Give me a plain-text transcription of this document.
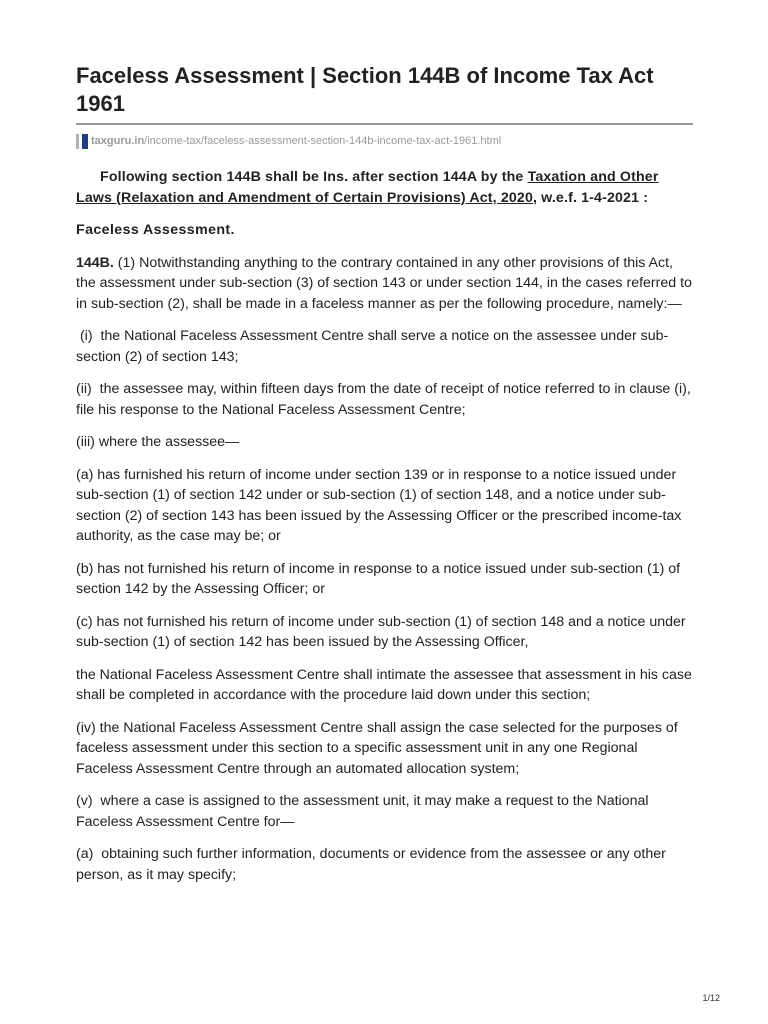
Faceless Assessment | Section 144B of Income Tax Act 1961
taxguru.in/income-tax/faceless-assessment-section-144b-income-tax-act-1961.html

Following section 144B shall be Ins. after section 144A by the Taxation and Other Laws (Relaxation and Amendment of Certain Provisions) Act, 2020, w.e.f. 1-4-2021 :

Faceless Assessment.

144B. (1) Notwithstanding anything to the contrary contained in any other provisions of this Act, the assessment under sub-section (3) of section 143 or under section 144, in the cases referred to in sub-section (2), shall be made in a faceless manner as per the following procedure, namely:—

(i)  the National Faceless Assessment Centre shall serve a notice on the assessee under sub-section (2) of section 143;

(ii)  the assessee may, within fifteen days from the date of receipt of notice referred to in clause (i), file his response to the National Faceless Assessment Centre;

(iii) where the assessee—

(a) has furnished his return of income under section 139 or in response to a notice issued under sub-section (1) of section 142 under or sub-section (1) of section 148, and a notice under sub-section (2) of section 143 has been issued by the Assessing Officer or the prescribed income-tax authority, as the case may be; or

(b) has not furnished his return of income in response to a notice issued under sub-section (1) of section 142 by the Assessing Officer; or

(c) has not furnished his return of income under sub-section (1) of section 148 and a notice under sub-section (1) of section 142 has been issued by the Assessing Officer,

the National Faceless Assessment Centre shall intimate the assessee that assessment in his case shall be completed in accordance with the procedure laid down under this section;

(iv) the National Faceless Assessment Centre shall assign the case selected for the purposes of faceless assessment under this section to a specific assessment unit in any one Regional Faceless Assessment Centre through an automated allocation system;

(v)  where a case is assigned to the assessment unit, it may make a request to the National Faceless Assessment Centre for—

(a)  obtaining such further information, documents or evidence from the assessee or any other person, as it may specify;

1/12
